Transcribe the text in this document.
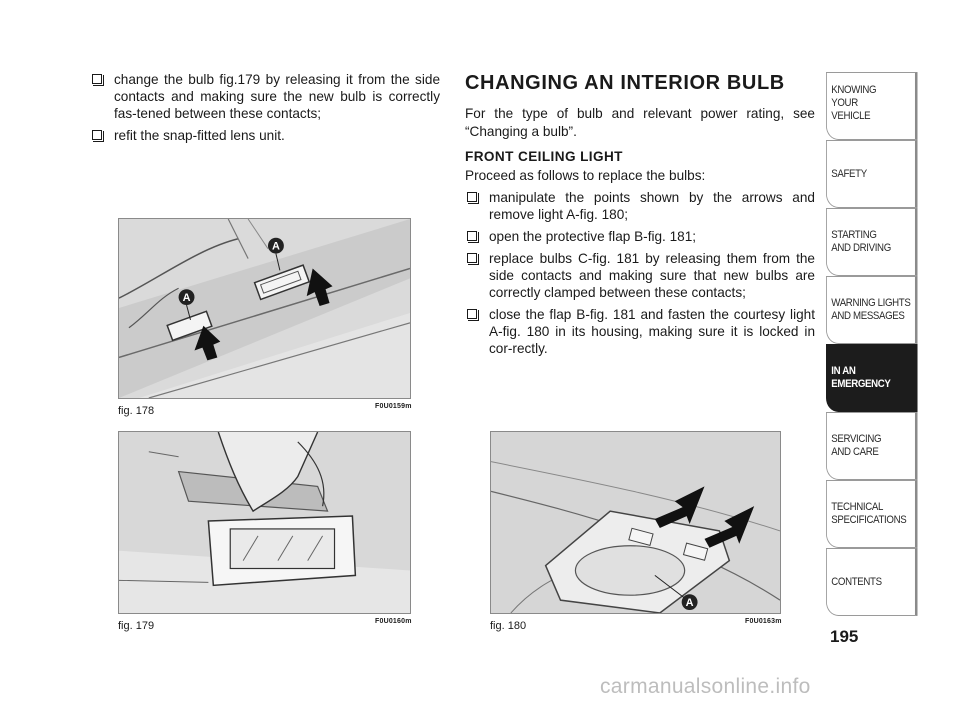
change the bulb fig.179 by releasing it from the side contacts and making sure the new bulb is correctly fas-tened between these contacts;
refit the snap-fitted lens unit.
CHANGING AN INTERIOR BULB
For the type of bulb and relevant power rating, see “Changing a bulb”.
FRONT CEILING LIGHT
Proceed as follows to replace the bulbs:
manipulate the points shown by the arrows and remove light A-fig. 180;
open the protective flap B-fig. 181;
replace bulbs C-fig. 181 by releasing them from the side contacts and making sure that new bulbs are correctly clamped between these contacts;
close the flap B-fig. 181 and fasten the courtesy light A-fig. 180 in its housing, making sure it is locked in cor-rectly.
A
A
fig. 178	F0U0159m
fig. 179	F0U0160m
A
fig. 180	F0U0163m
KNOWING
YOUR
VEHICLE
SAFETY
STARTING
AND DRIVING
WARNING LIGHTS
AND MESSAGES
IN AN
EMERGENCY
SERVICING
AND CARE
TECHNICAL
SPECIFICATIONS
CONTENTS
195
carmanualsonline.info
